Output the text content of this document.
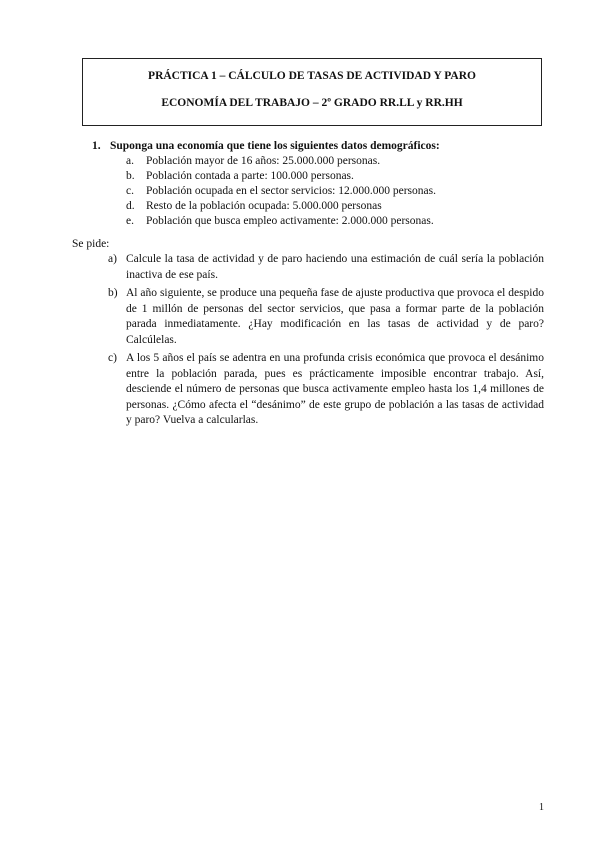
PRÁCTICA 1 – CÁLCULO DE TASAS DE ACTIVIDAD Y PARO
ECONOMÍA DEL TRABAJO – 2º GRADO RR.LL y RR.HH
1. Suponga una economía que tiene los siguientes datos demográficos:
a. Población mayor de 16 años: 25.000.000 personas.
b. Población contada a parte: 100.000 personas.
c. Población ocupada en el sector servicios: 12.000.000 personas.
d. Resto de la población ocupada: 5.000.000 personas
e. Población que busca empleo activamente: 2.000.000 personas.
Se pide:
a) Calcule la tasa de actividad y de paro haciendo una estimación de cuál sería la población inactiva de ese país.
b) Al año siguiente, se produce una pequeña fase de ajuste productiva que provoca el despido de 1 millón de personas del sector servicios, que pasa a formar parte de la población parada inmediatamente. ¿Hay modificación en las tasas de actividad y de paro? Calcúlelas.
c) A los 5 años el país se adentra en una profunda crisis económica que provoca el desánimo entre la población parada, pues es prácticamente imposible encontrar trabajo. Así, desciende el número de personas que busca activamente empleo hasta los 1,4 millones de personas. ¿Cómo afecta el “desánimo” de este grupo de población a las tasas de actividad y paro? Vuelva a calcularlas.
1
